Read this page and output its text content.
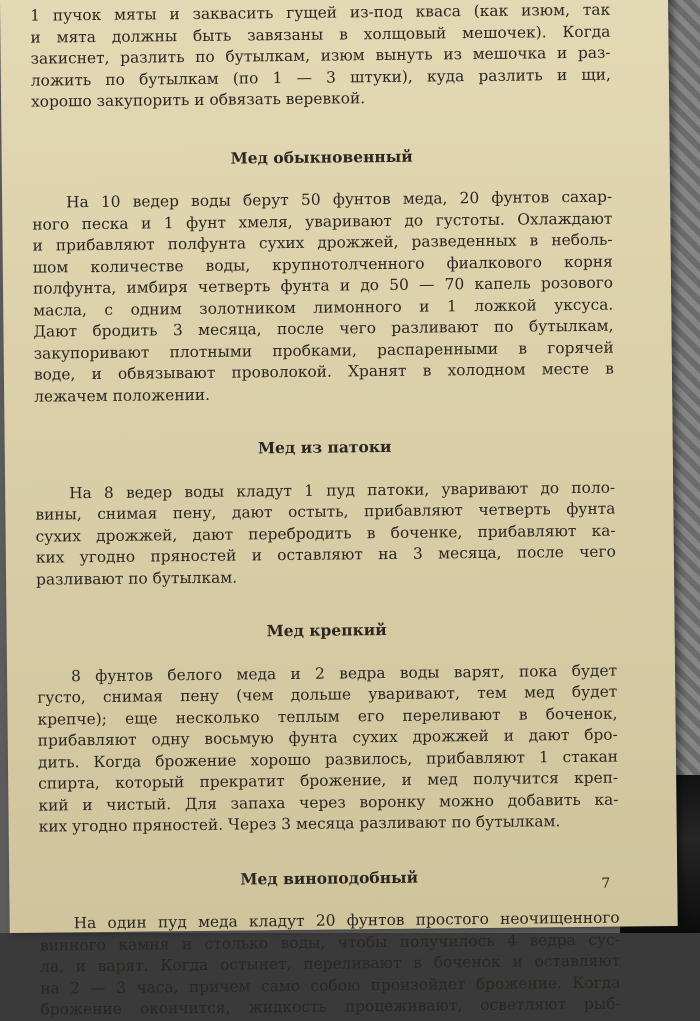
1 пучок мяты и заквасить гущей из-под кваса (как изюм, так
и мята должны быть завязаны в холщовый мешочек). Когда
закиснет, разлить по бутылкам, изюм вынуть из мешочка и раз-
ложить по бутылкам (по 1 — 3 штуки), куда разлить и щи,
хорошо закупорить и обвязать веревкой.
Мед обыкновенный
На 10 ведер воды берут 50 фунтов меда, 20 фунтов сахар-
ного песка и 1 фунт хмеля, уваривают до густоты. Охлаждают
и прибавляют полфунта сухих дрожжей, разведенных в неболь-
шом количестве воды, крупнотолченного фиалкового корня
полфунта, имбиря четверть фунта и до 50 — 70 капель розового
масла, с одним золотником лимонного и 1 ложкой уксуса.
Дают бродить 3 месяца, после чего разливают по бутылкам,
закупоривают плотными пробками, распаренными в горячей
воде, и обвязывают проволокой. Хранят в холодном месте в
лежачем положении.
Мед из патоки
На 8 ведер воды кладут 1 пуд патоки, уваривают до поло-
вины, снимая пену, дают остыть, прибавляют четверть фунта
сухих дрожжей, дают перебродить в боченке, прибавляют ка-
ких угодно пряностей и оставляют на 3 месяца, после чего
разливают по бутылкам.
Мед крепкий
8 фунтов белого меда и 2 ведра воды варят, пока будет
густо, снимая пену (чем дольше уваривают, тем мед будет
крепче); еще несколько теплым его переливают в боченок,
прибавляют одну восьмую фунта сухих дрожжей и дают бро-
дить. Когда брожение хорошо развилось, прибавляют 1 стакан
спирта, который прекратит брожение, и мед получится креп-
кий и чистый. Для запаха через воронку можно добавить ка-
ких угодно пряностей. Через 3 месяца разливают по бутылкам.
Мед виноподобный
На один пуд меда кладут 20 фунтов простого неочищенного
винного камня и столько воды, чтобы получилось 4 ведра сус-
ла, и варят. Когда остынет, переливают в боченок и оставляют
на 2 — 3 часа, причем само собою произойдет брожение. Когда
брожение окончится, жидкость процеживают, осветляют рыб-
7
